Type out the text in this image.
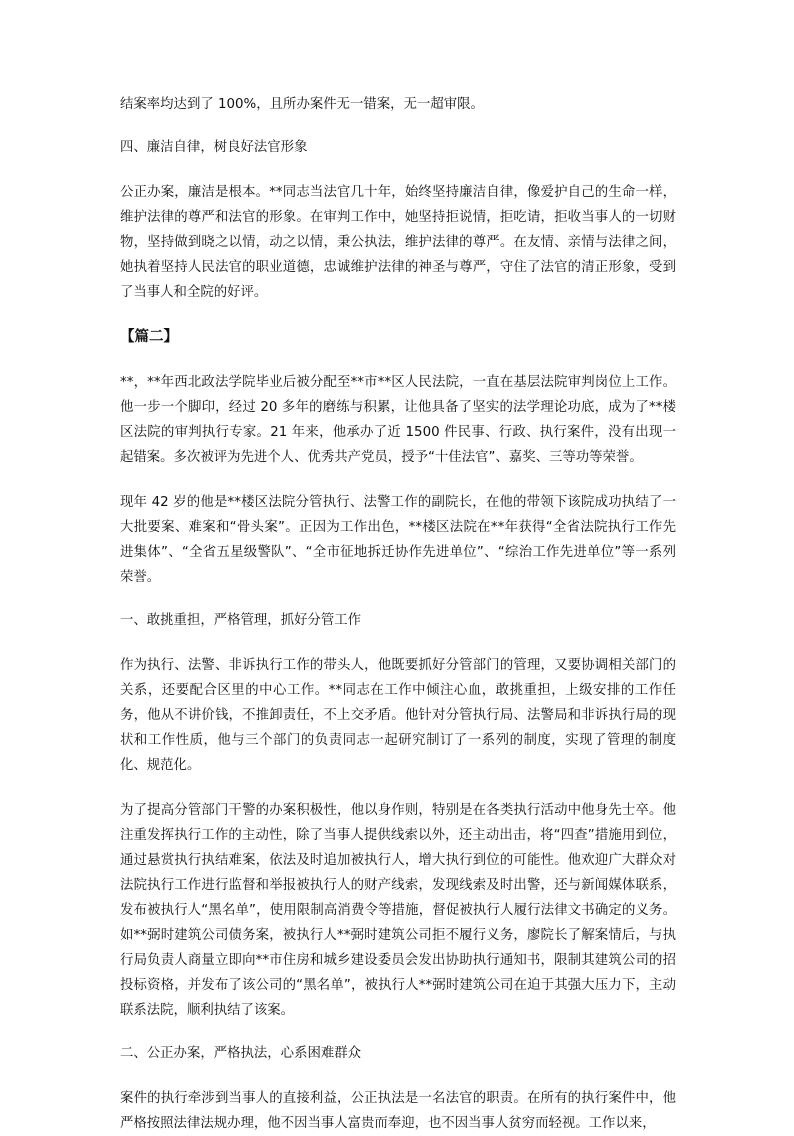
结案率均达到了 100%，且所办案件无一错案，无一超审限。

四、廉洁自律，树良好法官形象

公正办案，廉洁是根本。**同志当法官几十年，始终坚持廉洁自律，像爱护自己的生命一样，维护法律的尊严和法官的形象。在审判工作中，她坚持拒说情，拒吃请，拒收当事人的一切财物，坚持做到晓之以情，动之以情，秉公执法，维护法律的尊严。在友情、亲情与法律之间，她执着坚持人民法官的职业道德，忠诚维护法律的神圣与尊严，守住了法官的清正形象，受到了当事人和全院的好评。

【篇二】

**，**年西北政法学院毕业后被分配至**市**区人民法院，一直在基层法院审判岗位上工作。他一步一个脚印，经过 20 多年的磨练与积累，让他具备了坚实的法学理论功底，成为了**楼区法院的审判执行专家。21 年来，他承办了近 1500 件民事、行政、执行案件，没有出现一起错案。多次被评为先进个人、优秀共产党员，授予“十佳法官”、嘉奖、三等功等荣誉。

现年 42 岁的他是**楼区法院分管执行、法警工作的副院长，在他的带领下该院成功执结了一大批要案、难案和“骨头案”。正因为工作出色，**楼区法院在**年获得“全省法院执行工作先进集体”、“全省五星级警队”、“全市征地拆迁协作先进单位”、“综治工作先进单位”等一系列荣誉。

一、敢挑重担，严格管理，抓好分管工作

作为执行、法警、非诉执行工作的带头人，他既要抓好分管部门的管理，又要协调相关部门的关系，还要配合区里的中心工作。**同志在工作中倾注心血，敢挑重担，上级安排的工作任务，他从不讲价钱，不推卸责任，不上交矛盾。他针对分管执行局、法警局和非诉执行局的现状和工作性质，他与三个部门的负责同志一起研究制订了一系列的制度，实现了管理的制度化、规范化。

为了提高分管部门干警的办案积极性，他以身作则，特别是在各类执行活动中他身先士卒。他注重发挥执行工作的主动性，除了当事人提供线索以外，还主动出击，将“四查”措施用到位，通过悬赏执行执结难案，依法及时追加被执行人，增大执行到位的可能性。他欢迎广大群众对法院执行工作进行监督和举报被执行人的财产线索，发现线索及时出警，还与新闻媒体联系，发布被执行人“黑名单”，使用限制高消费令等措施，督促被执行人履行法律文书确定的义务。如**弼时建筑公司债务案，被执行人**弼时建筑公司拒不履行义务，廖院长了解案情后，与执行局负责人商量立即向**市住房和城乡建设委员会发出协助执行通知书，限制其建筑公司的招投标资格，并发布了该公司的“黑名单”，被执行人**弼时建筑公司在迫于其强大压力下，主动联系法院，顺利执结了该案。

二、公正办案，严格执法，心系困难群众

案件的执行牵涉到当事人的直接利益，公正执法是一名法官的职责。在所有的执行案件中，他严格按照法律法规办理，他不因当事人富贵而奉迎，也不因当事人贫穷而轻视。工作以来，
